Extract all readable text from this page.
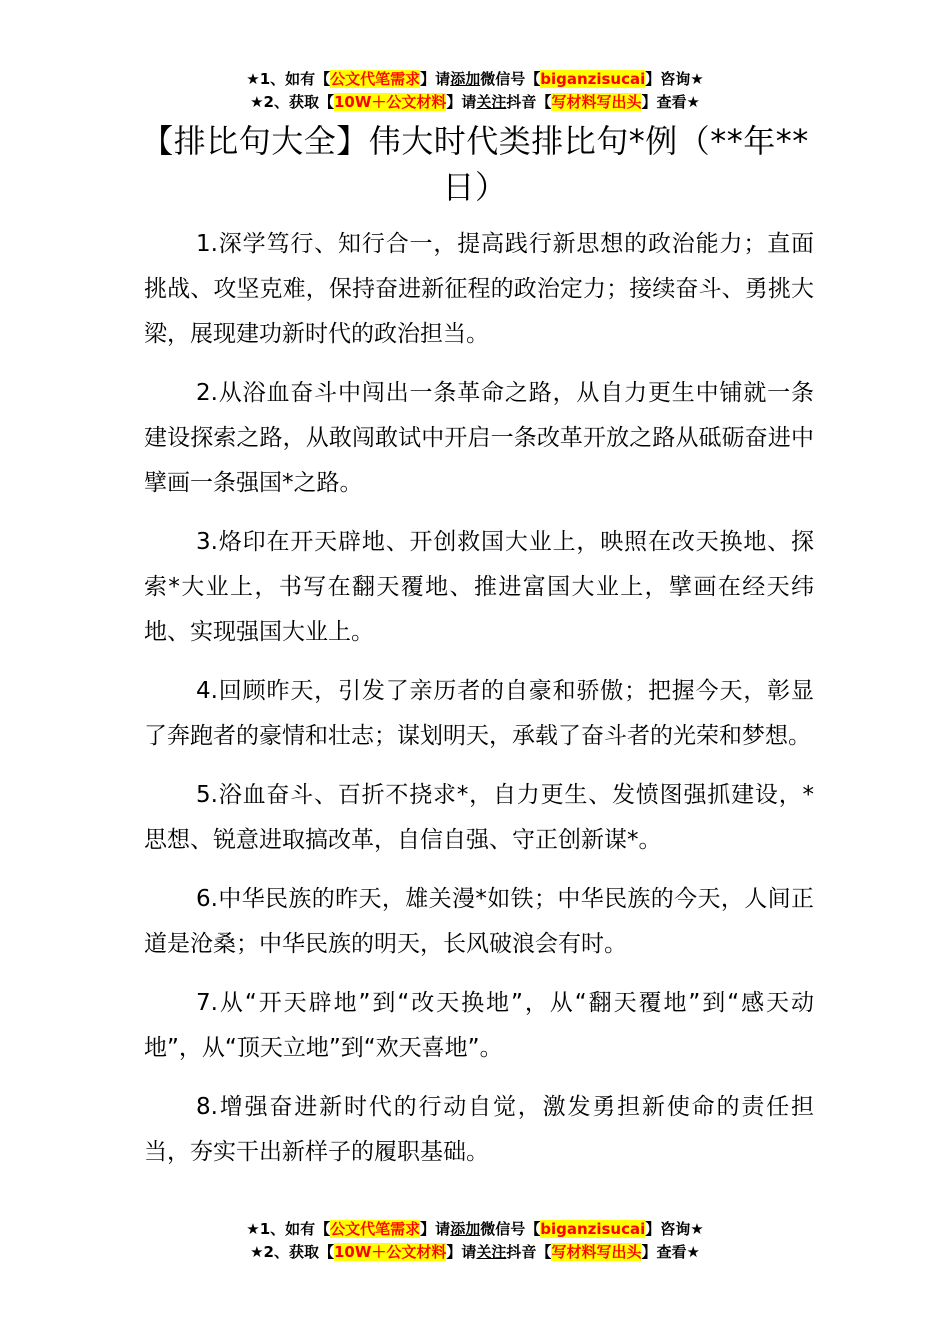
★1、如有【公文代笔需求】请添加微信号【biganzisucai】咨询★
★2、获取【10W＋公文材料】请关注抖音【写材料写出头】查看★
【排比句大全】伟大时代类排比句*例（**年**日）

1.深学笃行、知行合一，提高践行新思想的政治能力；直面挑战、攻坚克难，保持奋进新征程的政治定力；接续奋斗、勇挑大梁，展现建功新时代的政治担当。

2.从浴血奋斗中闯出一条革命之路，从自力更生中铺就一条建设探索之路，从敢闯敢试中开启一条改革开放之路从砥砺奋进中擘画一条强国*之路。

3.烙印在开天辟地、开创救国大业上，映照在改天换地、探索*大业上，书写在翻天覆地、推进富国大业上，擘画在经天纬地、实现强国大业上。

4.回顾昨天，引发了亲历者的自豪和骄傲；把握今天，彰显了奔跑者的豪情和壮志；谋划明天，承载了奋斗者的光荣和梦想。

5.浴血奋斗、百折不挠求*，自力更生、发愤图强抓建设，*思想、锐意进取搞改革，自信自强、守正创新谋*。

6.中华民族的昨天，雄关漫*如铁；中华民族的今天，人间正道是沧桑；中华民族的明天，长风破浪会有时。

7.从“开天辟地”到“改天换地”，从“翻天覆地”到“感天动地”，从“顶天立地”到“欢天喜地”。

8.增强奋进新时代的行动自觉，激发勇担新使命的责任担当，夯实干出新样子的履职基础。

★1、如有【公文代笔需求】请添加微信号【biganzisucai】咨询★
★2、获取【10W＋公文材料】请关注抖音【写材料写出头】查看★
